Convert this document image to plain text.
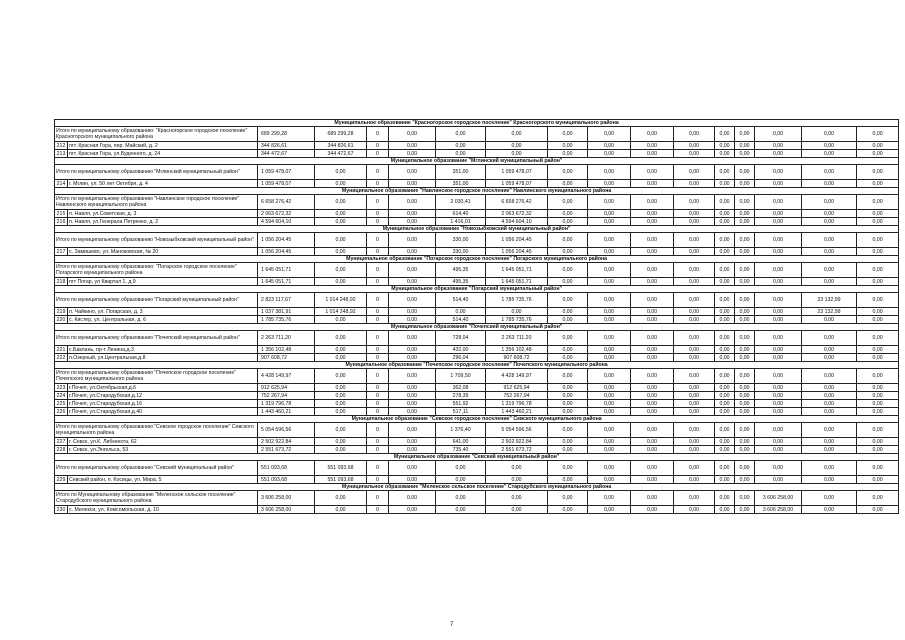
Муниципальное образование "Красногорское городское поселение" Красногорского муниципального района																
Итого по муниципальному образованию: "Красногорское городское поселение" Красногорского муниципального района		689 299,28	689 299,28	0	0,00	0,00	0,00	0,00	0,00	0,00	0,00	0,00	0,00	0,00	0,00	0,00
212	пгт. Красная Гора, пер. Майский, д. 2	344 826,61	344 826,61	0	0,00	0,00	0,00	0,00	0,00	0,00	0,00	0,00	0,00	0,00	0,00	0,00
213	пгт. Красная Гора, ул.Буденного, д. 24	344 472,67	344 472,67	0	0,00	0,00	0,00	0,00	0,00	0,00	0,00	0,00	0,00	0,00	0,00	0,00
Муниципальное образование "Мглинский муниципальный район"																
Итого по муниципальному образованию "Мглинский муниципальный район"		1 059 478,07	0,00	0	0,00	351,00	1 059 478,07	0,00	0,00	0,00	0,00	0,00	0,00	0,00	0,00	0,00
214	г. Мглин, ул. 50 лет Октября, д. 4	1 059 478,07	0,00	0	0,00	351,00	1 059 478,07	0,00	0,00	0,00	0,00	0,00	0,00	0,00	0,00	0,00
Муниципальное образование "Навлинское городское поселение" Навлинского муниципального района																
Итого по муниципальному образованию "Навлинское городское поселение" Навлинского муниципального района		6 658 276,42	0,00	0	0,00	2 030,41	6 658 276,42	0,00	0,00	0,00	0,00	0,00	0,00	0,00	0,00	0,00
215	п. Навля, ул.Советская, д. 3	2 063 672,32	0,00	0	0,00	614,40	2 063 672,32	0,00	0,00	0,00	0,00	0,00	0,00	0,00	0,00	0,00
216	п. Навля, ул.Генерала Петренко, д. 2	4 594 604,10	0,00	0	0,00	1 416,01	4 594 604,10	0,00	0,00	0,00	0,00	0,00	0,00	0,00	0,00	0,00
Муниципальное образование "Новозыбковский муниципальный район"																
Итого по муниципальному образованию "Новозыбковский муниципальный район"		1 056 204,45	0,00	0	0,00	330,00	1 056 204,45	0,00	0,00	0,00	0,00	0,00	0,00	0,00	0,00	0,00
217	с. Замишево, ул. Маноковская, № 20	1 056 204,45	0,00	0	0,00	330,00	1 056 204,45	0,00	0,00	0,00	0,00	0,00	0,00	0,00	0,00	0,00
Муниципальное образование "Погарское городское поселение" Погарского муниципального района																
Итого по муниципальному образованию: "Погарское городское поселение" Погарского муниципального района		1 645 051,71	0,00	0	0,00	495,35	1 645 051,71	0,00	0,00	0,00	0,00	0,00	0,00	0,00	0,00	0,00
218	пгт Погар, ул Квартал 1, д.9	1 645 051,71	0,00	0	0,00	495,35	1 645 051,71	0,00	0,00	0,00	0,00	0,00	0,00	0,00	0,00	0,00
Муниципальное образование "Погарский муниципальный район"																
Итого по муниципальному образованию "Погарский муниципальный район"		2 823 117,67	1 014 248,92	0	0,00	514,40	1 785 735,76	0,00	0,00	0,00	0,00	0,00	0,00	0,00	23 132,99	0,00
219	п. Чайкино, ул. Погарская, д. 3	1 037 381,91	1 014 248,92	0	0,00	0,00	0,00	0,00	0,00	0,00	0,00	0,00	0,00	0,00	23 132,99	0,00
220	с. Кистер, ул. Центральная, д. 6	1 785 735,76	0,00	0	0,00	514,40	1 785 735,76	0,00	0,00	0,00	0,00	0,00	0,00	0,00	0,00	0,00
Муниципальное образование "Почепский муниципальный район"																
Итого по муниципальному образованию "Почепский муниципальный район"		2 263 711,20	0,00	0	0,00	728,04	2 263 711,20	0,00	0,00	0,00	0,00	0,00	0,00	0,00	0,00	0,00
221	с.Баклань, пр-т Ленина,д.3	1 356 102,48	0,00	0	0,00	432,00	1 356 102,48	0,00	0,00	0,00	0,00	0,00	0,00	0,00	0,00	0,00
222	п.Озерный, ул.Центральная,д.8	907 608,72	0,00	0	0,00	296,04	907 608,72	0,00	0,00	0,00	0,00	0,00	0,00	0,00	0,00	0,00
Муниципальное образование "Почепское городское поселение" Почепского муниципального района																
Итого по муниципальному образованию "Почепское городское поселение" Почепского муниципального района		4 428 149,97	0,00	0	0,00	1 709,50	4 428 149,97	0,00	0,00	0,00	0,00	0,00	0,00	0,00	0,00	0,00
223	г.Почеп, ул.Октябрьская,д.6	912 625,94	0,00	0	0,00	362,08	912 625,94	0,00	0,00	0,00	0,00	0,00	0,00	0,00	0,00	0,00
224	г.Почеп, ул.Стародубская,д.12	752 267,94	0,00	0	0,00	278,39	752 267,94	0,00	0,00	0,00	0,00	0,00	0,00	0,00	0,00	0,00
225	г.Почеп, ул.Стародубская,д.16	1 319 796,78	0,00	0	0,00	551,92	1 319 796,78	0,00	0,00	0,00	0,00	0,00	0,00	0,00	0,00	0,00
226	г.Почеп, ул.Стародубская,д.40	1 443 460,21	0,00	0	0,00	517,11	1 443 460,21	0,00	0,00	0,00	0,00	0,00	0,00	0,00	0,00	0,00
Муниципальное образование "Севское городское поселение" Севского муниципального района																
Итого по муниципальному образованию "Севское городское поселение" Севского муниципального района		5 054 596,56	0,00	0	0,00	1 376,40	5 054 596,56	0,00	0,00	0,00	0,00	0,00	0,00	0,00	0,00	0,00
227	г. Севск, ул.К. Либкнехта, 62	2 502 922,84	0,00	0	0,00	641,00	2 502 922,84	0,00	0,00	0,00	0,00	0,00	0,00	0,00	0,00	0,00
228	г. Севск, ул.Энгельса, 53	2 551 673,72	0,00	0	0,00	735,40	2 551 673,72	0,00	0,00	0,00	0,00	0,00	0,00	0,00	0,00	0,00
Муниципальное образование "Севский муниципальный район"																
Итого по муниципальному образованию "Севский муниципальный район"		551 093,68	551 093,68	0	0,00	0,00	0,00	0,00	0,00	0,00	0,00	0,00	0,00	0,00	0,00	0,00
229	Севский район, п. Косицы, ул. Мира, 5	551 093,68	551 093,68	0	0,00	0,00	0,00	0,00	0,00	0,00	0,00	0,00	0,00	0,00	0,00	0,00
Муниципальное образование "Меленское сельское поселение" Стародубского муниципального района																
Итого по Муниципальному образованию "Меленское сельское поселение" Стародубского муниципального района		3 606 258,00	0,00	0	0,00	0,00	0,00	0,00	0,00	0,00	0,00	0,00	0,00	3 606 258,00	0,00	0,00
230	с. Мелекси, ул. Комсомольская, д. 10	3 606 258,00	0,00	0	0,00	0,00	0,00	0,00	0,00	0,00	0,00	0,00	0,00	3 606 258,00	0,00	0,00
7
